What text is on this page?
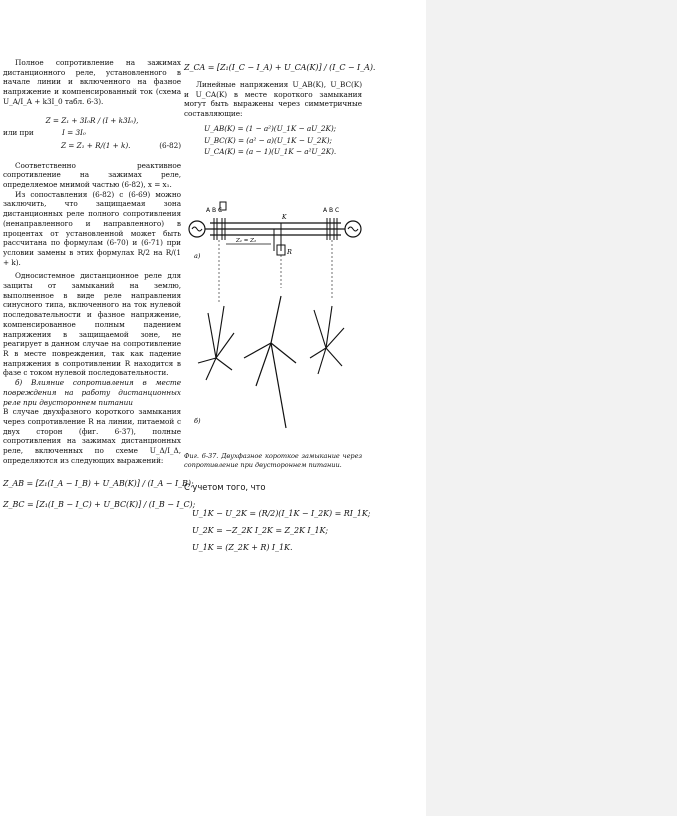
Полное сопротивление на зажимах дистанционного реле, установленного в начале линии и включенного на фазное напряжение и компенсированный ток (схема U_A/I_A + k3I_0 табл. 6-3).

Z = Z₁ + 3I₀R / (I + k3I₀),
или при	I = 3I₀
Z = Z₁ + R/(1 + k).	(6-82)

Соответственно реактивное сопротивление на зажимах реле, определяемое мнимой частью (6-82), x = x₁.

Из сопоставления (6-82) с (6-69) можно заключить, что защищаемая зона дистанционных реле полного сопротивления (ненаправленного и направленного) в процентах от установленной может быть рассчитана по формулам (6-70) и (6-71) при условии замены в этих формулах R/2 на R/(1 + k).

Односистемное дистанционное реле для защиты от замыканий на землю, выполненное в виде реле направления синусного типа, включенного на ток нулевой последовательности и фазное напряжение, компенсированное полным падением напряжения в защищаемой зоне, не реагирует в данном случае на сопротивление R в месте повреждения, так как падение напряжения в сопротивлении R находится в фазе с током нулевой последовательности.

б) Влияние сопротивления в месте повреждения на работу дистанционных реле при двустороннем питании

В случае двухфазного короткого замыкания через сопротивление R на линии, питаемой с двух сторон (фиг. 6-37), полные сопротивления на зажимах дистанционных реле, включенных по схеме U_Δ/I_Δ, определяются из следующих выражений:

Z_AB = [Z₁(I_A − I_B) + U_AB(K)] / (I_A − I_B);
Z_BC = [Z₁(I_B − I_C) + U_BC(K)] / (I_B − I_C);
Z_CA = [Z₁(I_C − I_A) + U_CA(K)] / (I_C − I_A).

Линейные напряжения U_AB(K), U_BC(K) и U_CA(K) в месте короткого замыкания могут быть выражены через симметричные составляющие:

U_AB(K) = (1 − a²)(U_1K − aU_2K);
U_BC(K) = (a² − a)(U_1K − U_2K);
U_CA(K) = (a − 1)(U_1K − a²U_2K).
A B C	A B C
R
K
Z₁ = Z₂
а)
б)

Фиг. 6-37. Двухфазное короткое замыкание через сопротивление при двустороннем питании.

С учетом того, что

U_1K − U_2K = (R/2)(I_1K − I_2K) = RI_1K;
U_2K = −Z_2K I_2K = Z_2K I_1K;
U_1K = (Z_2K + R) I_1K.
